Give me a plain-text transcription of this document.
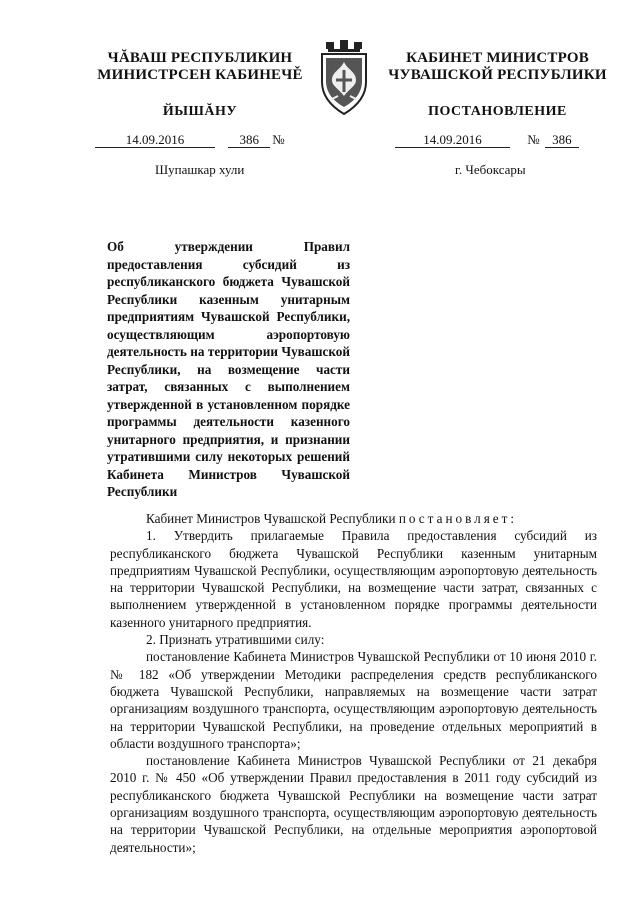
ЧĂВАШ РЕСПУБЛИКИН
МИНИСТРСЕН КАБИНЕЧĚ
ЙЫШĂНУ
КАБИНЕТ МИНИСТРОВ
ЧУВАШСКОЙ РЕСПУБЛИКИ
ПОСТАНОВЛЕНИЕ
14.09.2016	386 №	14.09.2016	№ 386
Шупашкар хули	г. Чебоксары
Об утверждении Правил предоставления субсидий из республиканского бюджета Чувашской Республики казенным унитарным предприятиям Чувашской Республики, осуществляющим аэропортовую деятельность на территории Чувашской Республики, на возмещение части затрат, связанных с выполнением утвержденной в установленном порядке программы деятельности казенного унитарного предприятия, и признании утратившими силу некоторых решений Кабинета Министров Чувашской Республики

Кабинет Министров Чувашской Республики постановляет:

1. Утвердить прилагаемые Правила предоставления субсидий из республиканского бюджета Чувашской Республики казенным унитарным предприятиям Чувашской Республики, осуществляющим аэропортовую деятельность на территории Чувашской Республики, на возмещение части затрат, связанных с выполнением утвержденной в установленном порядке программы деятельности казенного унитарного предприятия.

2. Признать утратившими силу:

постановление Кабинета Министров Чувашской Республики от 10 июня 2010 г. № 182 «Об утверждении Методики распределения средств республиканского бюджета Чувашской Республики, направляемых на возмещение части затрат организациям воздушного транспорта, осуществляющим аэропортовую деятельность на территории Чувашской Республики, на проведение отдельных мероприятий в области воздушного транспорта»;

постановление Кабинета Министров Чувашской Республики от 21 декабря 2010 г. № 450 «Об утверждении Правил предоставления в 2011 году субсидий из республиканского бюджета Чувашской Республики на возмещение части затрат организациям воздушного транспорта, осуществляющим аэропортовую деятельность на территории Чувашской Республики, на отдельные мероприятия аэропортовой деятельности»;
